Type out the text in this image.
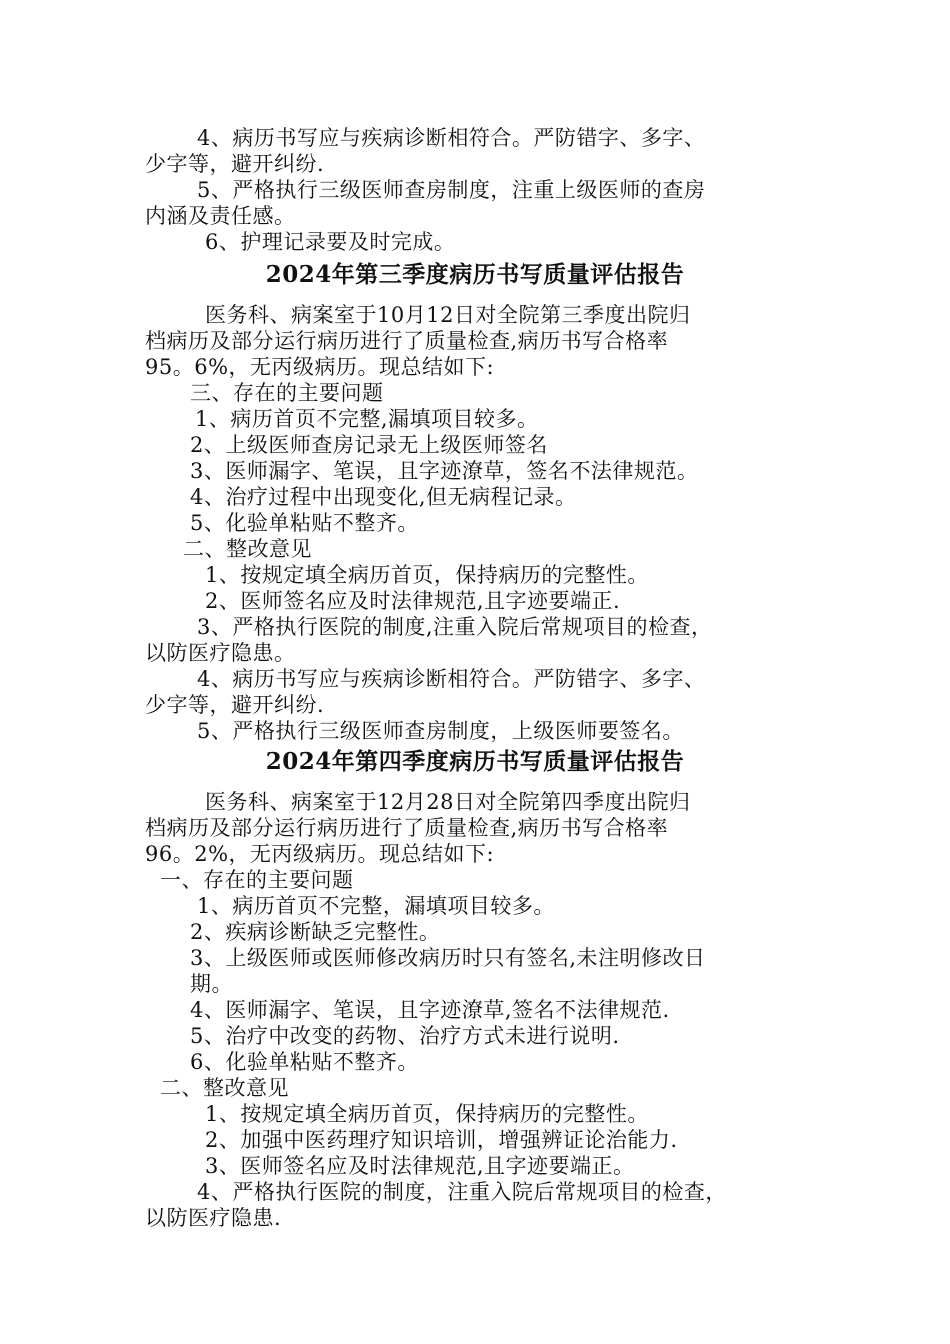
4、病历书写应与疾病诊断相符合。严防错字、多字、
少字等，避开纠纷.
5、严格执行三级医师查房制度，注重上级医师的查房
内涵及责任感。
6、护理记录要及时完成。
2024年第三季度病历书写质量评估报告
医务科、病案室于10月12日对全院第三季度出院归
档病历及部分运行病历进行了质量检查,病历书写合格率
95。6%，无丙级病历。现总结如下:
三、存在的主要问题
1、病历首页不完整,漏填项目较多。
2、上级医师查房记录无上级医师签名
3、医师漏字、笔误，且字迹潦草，签名不法律规范。
4、治疗过程中出现变化,但无病程记录。
5、化验单粘贴不整齐。
二、整改意见
1、按规定填全病历首页，保持病历的完整性。
2、医师签名应及时法律规范,且字迹要端正.
3、严格执行医院的制度,注重入院后常规项目的检查，
以防医疗隐患。
4、病历书写应与疾病诊断相符合。严防错字、多字、
少字等，避开纠纷.
5、严格执行三级医师查房制度，上级医师要签名。
2024年第四季度病历书写质量评估报告
医务科、病案室于12月28日对全院第四季度出院归
档病历及部分运行病历进行了质量检查,病历书写合格率
96。2%，无丙级病历。现总结如下:
一、存在的主要问题
1、病历首页不完整，漏填项目较多。
2、疾病诊断缺乏完整性。
3、上级医师或医师修改病历时只有签名,未注明修改日
期。
4、医师漏字、笔误，且字迹潦草,签名不法律规范.
5、治疗中改变的药物、治疗方式未进行说明.
6、化验单粘贴不整齐。
二、整改意见
1、按规定填全病历首页，保持病历的完整性。
2、加强中医药理疗知识培训，增强辨证论治能力.
3、医师签名应及时法律规范,且字迹要端正。
4、严格执行医院的制度，注重入院后常规项目的检查，
以防医疗隐患.
